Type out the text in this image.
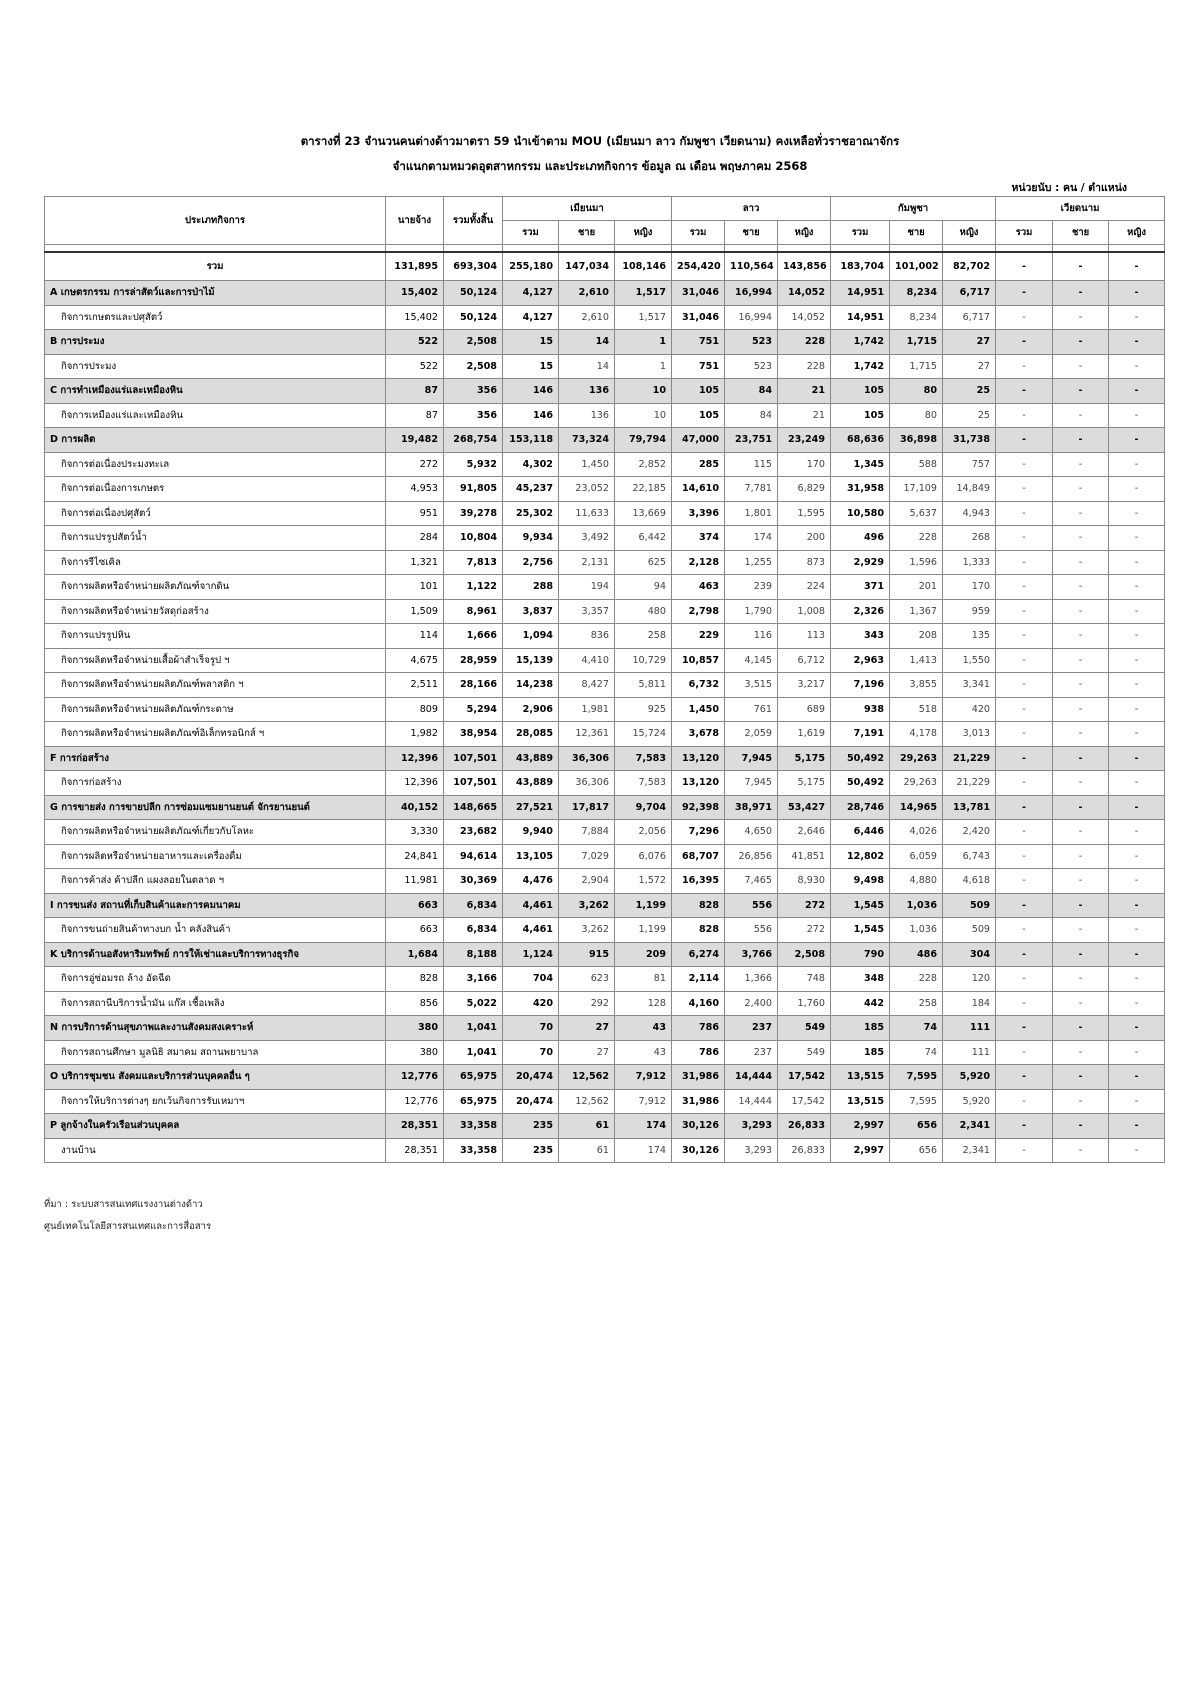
ตารางที่ 23 จำนวนคนต่างด้าวมาตรา 59 นำเข้าตาม MOU (เมียนมา ลาว กัมพูชา เวียดนาม) คงเหลือทั่วราชอาณาจักร
จำแนกตามหมวดอุตสาหกรรม และประเภทกิจการ ข้อมูล ณ เดือน พฤษภาคม 2568
หน่วยนับ : คน / ตำแหน่ง
ประเภทกิจการ	นายจ้าง	รวมทั้งสิ้น	เมียนมา			ลาว			กัมพูชา			เวียดนาม		
			รวม	ชาย	หญิง	รวม	ชาย	หญิง	รวม	ชาย	หญิง	รวม	ชาย	หญิง

รวม	131,895	693,304	255,180	147,034	108,146	254,420	110,564	143,856	183,704	101,002	82,702	-	-	-
A เกษตรกรรม การล่าสัตว์และการป่าไม้	15,402	50,124	4,127	2,610	1,517	31,046	16,994	14,052	14,951	8,234	6,717	-	-	-
กิจการเกษตรและปศุสัตว์	15,402	50,124	4,127	2,610	1,517	31,046	16,994	14,052	14,951	8,234	6,717	-	-	-
B การประมง	522	2,508	15	14	1	751	523	228	1,742	1,715	27	-	-	-
กิจการประมง	522	2,508	15	14	1	751	523	228	1,742	1,715	27	-	-	-
C การทำเหมืองแร่และเหมืองหิน	87	356	146	136	10	105	84	21	105	80	25	-	-	-
กิจการเหมืองแร่และเหมืองหิน	87	356	146	136	10	105	84	21	105	80	25	-	-	-
D การผลิต	19,482	268,754	153,118	73,324	79,794	47,000	23,751	23,249	68,636	36,898	31,738	-	-	-
กิจการต่อเนื่องประมงทะเล	272	5,932	4,302	1,450	2,852	285	115	170	1,345	588	757	-	-	-
กิจการต่อเนื่องการเกษตร	4,953	91,805	45,237	23,052	22,185	14,610	7,781	6,829	31,958	17,109	14,849	-	-	-
กิจการต่อเนื่องปศุสัตว์	951	39,278	25,302	11,633	13,669	3,396	1,801	1,595	10,580	5,637	4,943	-	-	-
กิจการแปรรูปสัตว์น้ำ	284	10,804	9,934	3,492	6,442	374	174	200	496	228	268	-	-	-
กิจการรีไซเคิล	1,321	7,813	2,756	2,131	625	2,128	1,255	873	2,929	1,596	1,333	-	-	-
กิจการผลิตหรือจำหน่ายผลิตภัณฑ์จากดิน	101	1,122	288	194	94	463	239	224	371	201	170	-	-	-
กิจการผลิตหรือจำหน่ายวัสดุก่อสร้าง	1,509	8,961	3,837	3,357	480	2,798	1,790	1,008	2,326	1,367	959	-	-	-
กิจการแปรรูปหิน	114	1,666	1,094	836	258	229	116	113	343	208	135	-	-	-
กิจการผลิตหรือจำหน่ายเสื้อผ้าสำเร็จรูป ฯ	4,675	28,959	15,139	4,410	10,729	10,857	4,145	6,712	2,963	1,413	1,550	-	-	-
กิจการผลิตหรือจำหน่ายผลิตภัณฑ์พลาสติก ฯ	2,511	28,166	14,238	8,427	5,811	6,732	3,515	3,217	7,196	3,855	3,341	-	-	-
กิจการผลิตหรือจำหน่ายผลิตภัณฑ์กระดาษ	809	5,294	2,906	1,981	925	1,450	761	689	938	518	420	-	-	-
กิจการผลิตหรือจำหน่ายผลิตภัณฑ์อิเล็กทรอนิกส์ ฯ	1,982	38,954	28,085	12,361	15,724	3,678	2,059	1,619	7,191	4,178	3,013	-	-	-
F การก่อสร้าง	12,396	107,501	43,889	36,306	7,583	13,120	7,945	5,175	50,492	29,263	21,229	-	-	-
กิจการก่อสร้าง	12,396	107,501	43,889	36,306	7,583	13,120	7,945	5,175	50,492	29,263	21,229	-	-	-
G การขายส่ง การขายปลีก การซ่อมแซมยานยนต์ จักรยานยนต์	40,152	148,665	27,521	17,817	9,704	92,398	38,971	53,427	28,746	14,965	13,781	-	-	-
กิจการผลิตหรือจำหน่ายผลิตภัณฑ์เกี่ยวกับโลหะ	3,330	23,682	9,940	7,884	2,056	7,296	4,650	2,646	6,446	4,026	2,420	-	-	-
กิจการผลิตหรือจำหน่ายอาหารและเครื่องดื่ม	24,841	94,614	13,105	7,029	6,076	68,707	26,856	41,851	12,802	6,059	6,743	-	-	-
กิจการค้าส่ง ค้าปลีก แผงลอยในตลาด ฯ	11,981	30,369	4,476	2,904	1,572	16,395	7,465	8,930	9,498	4,880	4,618	-	-	-
I การขนส่ง สถานที่เก็บสินค้าและการคมนาคม	663	6,834	4,461	3,262	1,199	828	556	272	1,545	1,036	509	-	-	-
กิจการขนถ่ายสินค้าทางบก น้ำ คลังสินค้า	663	6,834	4,461	3,262	1,199	828	556	272	1,545	1,036	509	-	-	-
K บริการด้านอสังหาริมทรัพย์ การให้เช่าและบริการทางธุรกิจ	1,684	8,188	1,124	915	209	6,274	3,766	2,508	790	486	304	-	-	-
กิจการอู่ซ่อมรถ ล้าง อัดฉีด	828	3,166	704	623	81	2,114	1,366	748	348	228	120	-	-	-
กิจการสถานีบริการน้ำมัน แก๊ส เชื้อเพลิง	856	5,022	420	292	128	4,160	2,400	1,760	442	258	184	-	-	-
N การบริการด้านสุขภาพและงานสังคมสงเคราะห์	380	1,041	70	27	43	786	237	549	185	74	111	-	-	-
กิจการสถานศึกษา มูลนิธิ สมาคม สถานพยาบาล	380	1,041	70	27	43	786	237	549	185	74	111	-	-	-
O บริการชุมชน สังคมและบริการส่วนบุคคลอื่น ๆ	12,776	65,975	20,474	12,562	7,912	31,986	14,444	17,542	13,515	7,595	5,920	-	-	-
กิจการให้บริการต่างๆ ยกเว้นกิจการรับเหมาฯ	12,776	65,975	20,474	12,562	7,912	31,986	14,444	17,542	13,515	7,595	5,920	-	-	-
P ลูกจ้างในครัวเรือนส่วนบุคคล	28,351	33,358	235	61	174	30,126	3,293	26,833	2,997	656	2,341	-	-	-
งานบ้าน	28,351	33,358	235	61	174	30,126	3,293	26,833	2,997	656	2,341	-	-	-
ที่มา : ระบบสารสนเทศแรงงานต่างด้าว
ศูนย์เทคโนโลยีสารสนเทศและการสื่อสาร
